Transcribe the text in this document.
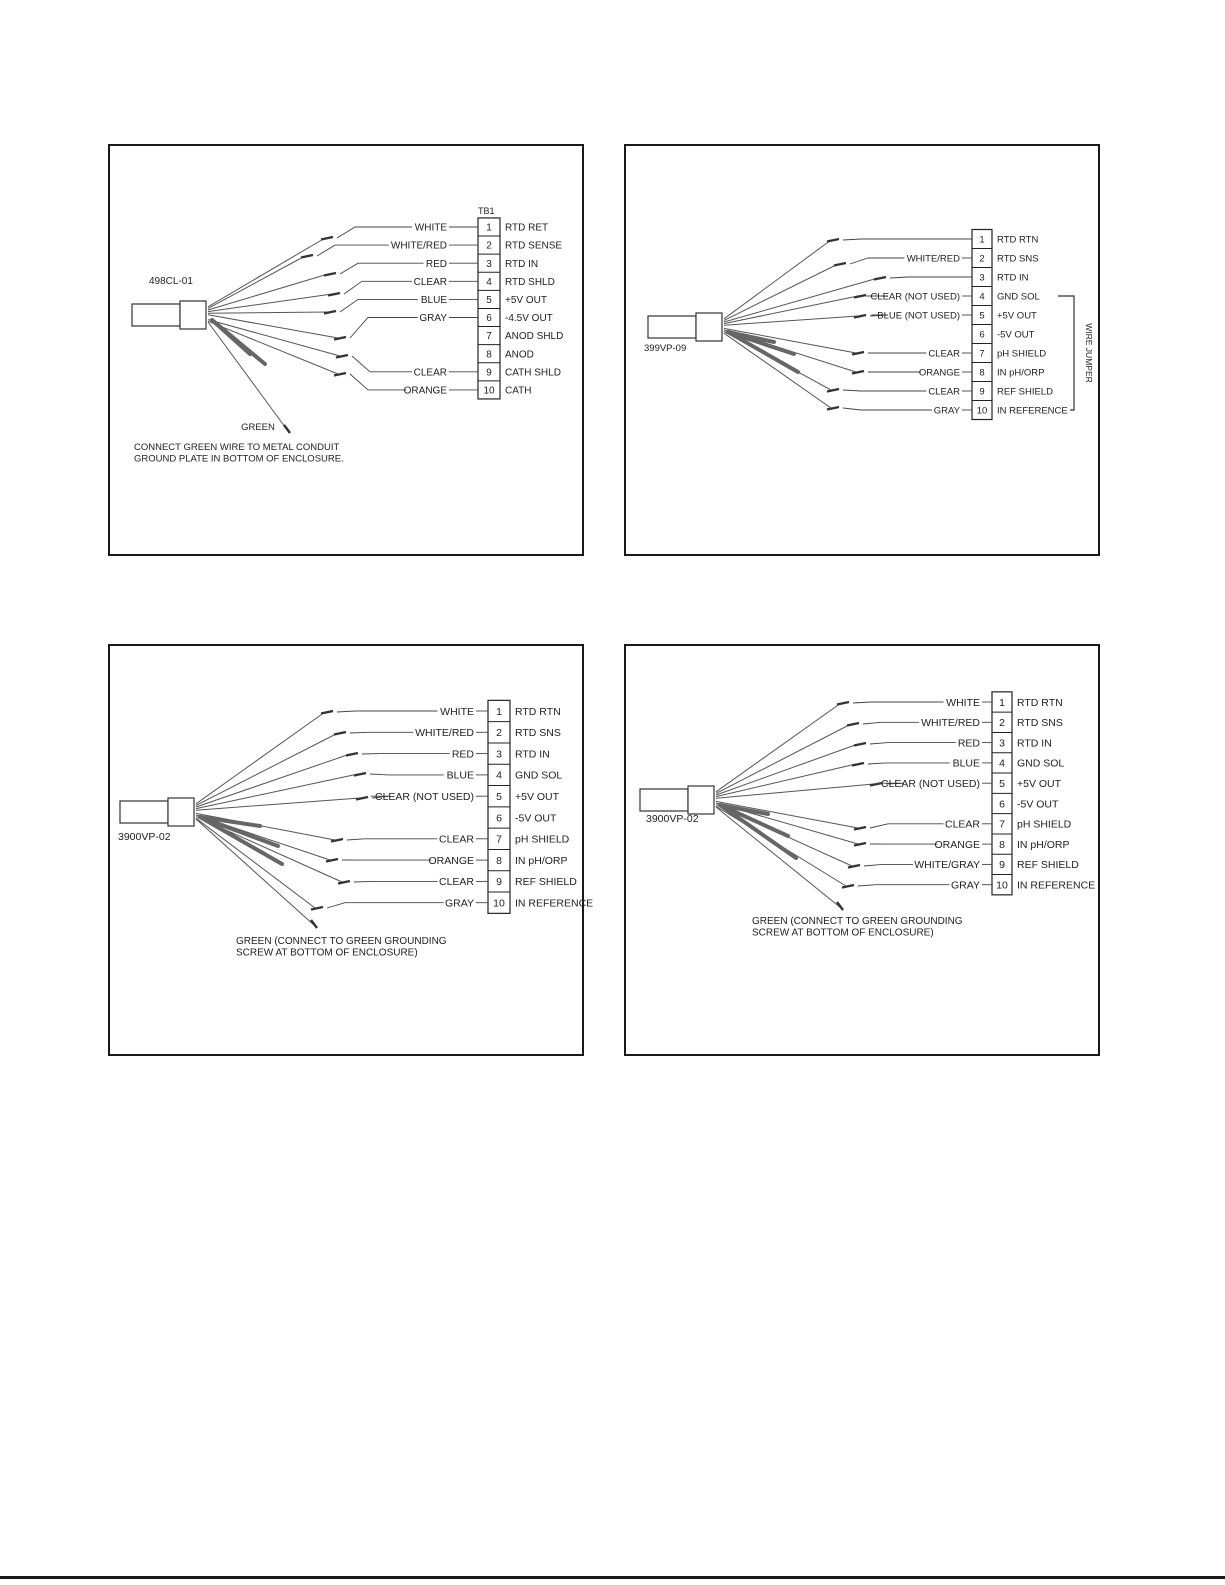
TB1
498CL-01
1 RTD RET
WHITE
2 RTD SENSE
WHITE/RED
3 RTD IN
RED
4 RTD SHLD
CLEAR
5 +5V OUT
BLUE
6 -4.5V OUT
GRAY
7 ANOD SHLD
8 ANOD
9 CATH SHLD
CLEAR
10 CATH
ORANGE
GREEN
CONNECT GREEN WIRE TO METAL CONDUIT
GROUND PLATE IN BOTTOM OF ENCLOSURE.
399VP-09
1 RTD RTN
2 RTD SNS
WHITE/RED
3 RTD IN
4 GND SOL
CLEAR (NOT USED)
5 +5V OUT
BLUE (NOT USED)
6 -5V OUT
7 pH SHIELD
CLEAR
8 IN pH/ORP
ORANGE
9 REF SHIELD
CLEAR
10 IN REFERENCE
GRAY
WIRE JUMPER
3900VP-02
1 RTD RTN
WHITE
2 RTD SNS
WHITE/RED
3 RTD IN
RED
4 GND SOL
BLUE
5 +5V OUT
CLEAR (NOT USED)
6 -5V OUT
7 pH SHIELD
CLEAR
8 IN pH/ORP
ORANGE
9 REF SHIELD
CLEAR
10 IN REFERENCE
GRAY
GREEN (CONNECT TO GREEN GROUNDING
SCREW AT BOTTOM OF ENCLOSURE)
3900VP-02
1 RTD RTN
WHITE
2 RTD SNS
WHITE/RED
3 RTD IN
RED
4 GND SOL
BLUE
5 +5V OUT
CLEAR (NOT USED)
6 -5V OUT
7 pH SHIELD
CLEAR
8 IN pH/ORP
ORANGE
9 REF SHIELD
WHITE/GRAY
10 IN REFERENCE
GRAY
GREEN (CONNECT TO GREEN GROUNDING
SCREW AT BOTTOM OF ENCLOSURE)
